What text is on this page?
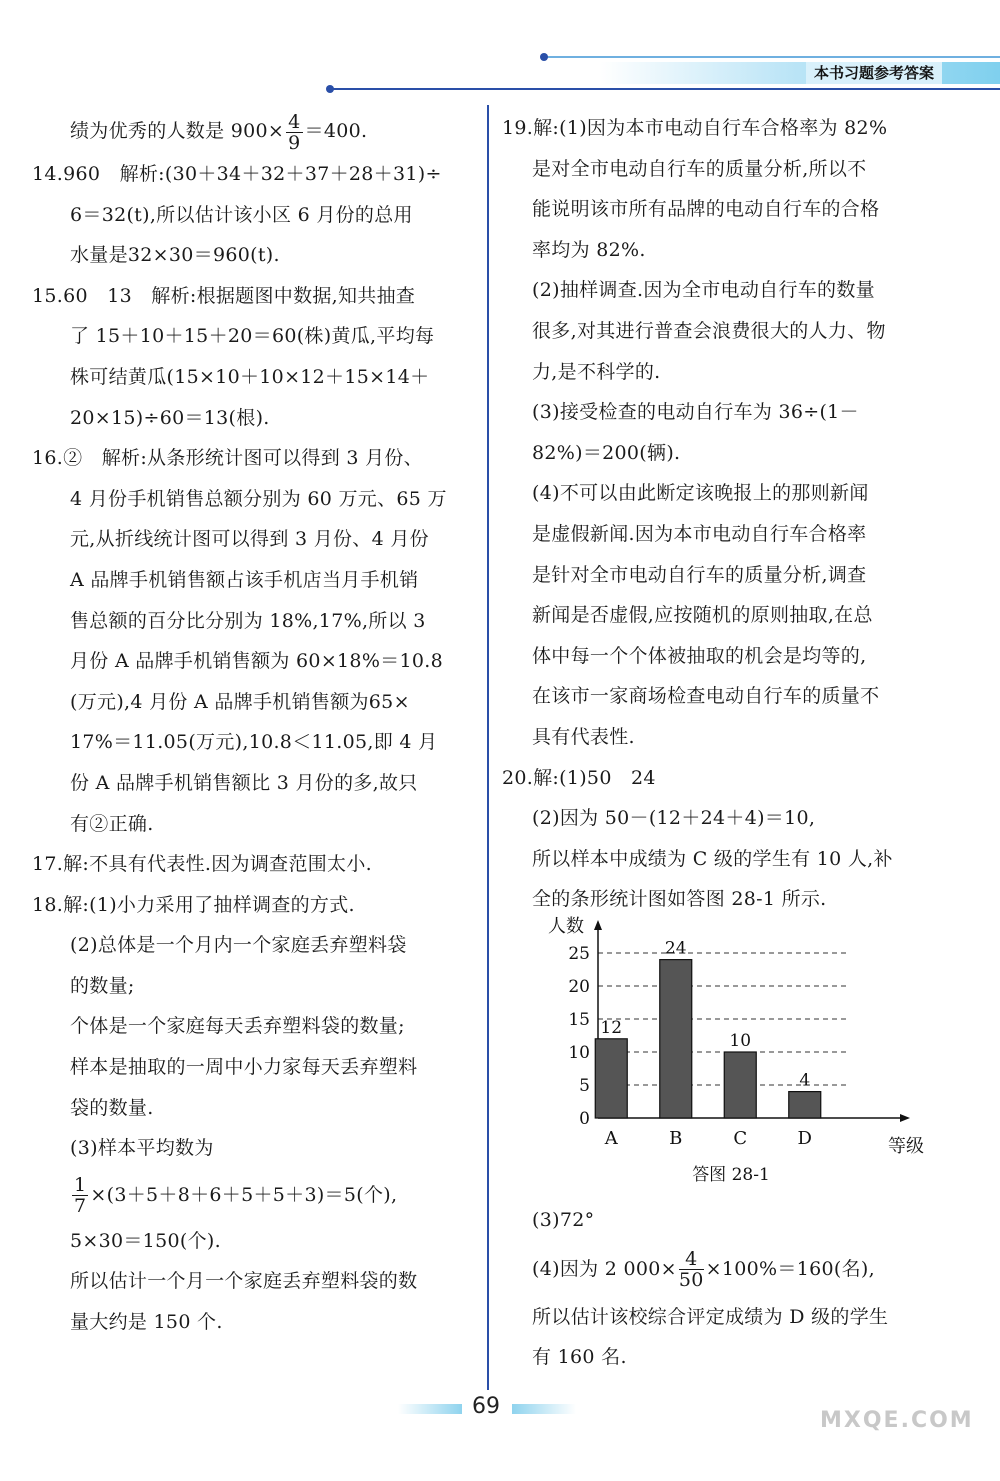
本书习题参考答案

绩为优秀的人数是 $900\times \frac{4}{9} =400$.

14.960　解析:(30＋34＋32＋37＋28＋31)÷

6＝32(t),所以估计该小区 6 月份的总用

水量是32×30＝960(t).

15.60　13　解析:根据题图中数据,知共抽查

了 15＋10＋15＋20＝60(株)黄瓜,平均每

株可结黄瓜(15×10＋10×12＋15×14＋

20×15)÷60＝13(根).

16.②　解析:从条形统计图可以得到 3 月份、

4 月份手机销售总额分别为 60 万元、65 万

元,从折线统计图可以得到 3 月份、4 月份

A 品牌手机销售额占该手机店当月手机销

售总额的百分比分别为 18%,17%,所以 3

月份 A 品牌手机销售额为 60×18%＝10.8

(万元),4 月份 A 品牌手机销售额为65×

17%＝11.05(万元),10.8＜11.05,即 4 月

份 A 品牌手机销售额比 3 月份的多,故只

有②正确.

17.解:不具有代表性.因为调查范围太小.

18.解:(1)小力采用了抽样调查的方式.

(2)总体是一个月内一个家庭丢弃塑料袋

的数量;

个体是一个家庭每天丢弃塑料袋的数量;

样本是抽取的一周中小力家每天丢弃塑料

袋的数量.

(3)样本平均数为

$\frac{1}{7} \times(3+5+8+6+5+5+3)=5$(个),

5×30＝150(个).

所以估计一个月一个家庭丢弃塑料袋的数

量大约是 150 个.

19.解:(1)因为本市电动自行车合格率为 82%

是对全市电动自行车的质量分析,所以不

能说明该市所有品牌的电动自行车的合格

率均为 82%.

(2)抽样调查.因为全市电动自行车的数量

很多,对其进行普查会浪费很大的人力、物

力,是不科学的.

(3)接受检查的电动自行车为 36÷(1－

82%)＝200(辆).

(4)不可以由此断定该晚报上的那则新闻

是虚假新闻.因为本市电动自行车合格率

是针对全市电动自行车的质量分析,调查

新闻是否虚假,应按随机的原则抽取,在总

体中每一个个体被抽取的机会是均等的,

在该市一家商场检查电动自行车的质量不

具有代表性.

20.解:(1)50　24

(2)因为 50－(12＋24＋4)＝10,

所以样本中成绩为 C 级的学生有 10 人,补

全的条形统计图如答图 28-1 所示.

0
5
10
15
20
25
人数
等级
12
A
24
B
10
C
4
D
答图 28-1

(3)72°

(4)因为 2 $000\times \frac{4}{50} \times 100\%=160$(名),

所以估计该校综合评定成绩为 D 级的学生

有 160 名.

69
MXQE.COM
